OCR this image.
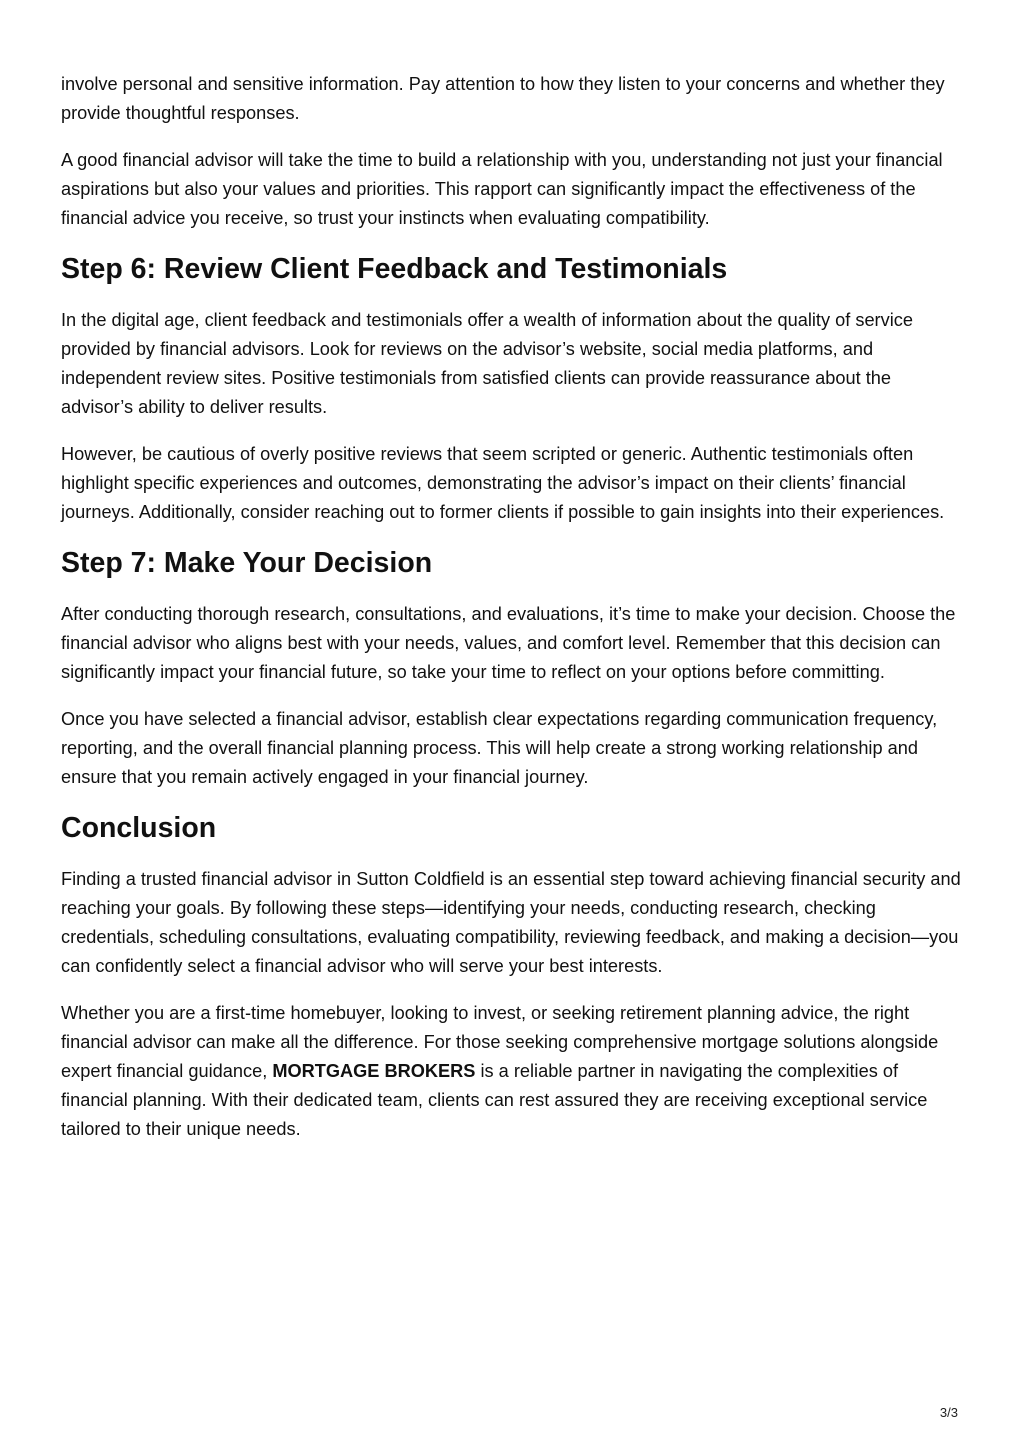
involve personal and sensitive information. Pay attention to how they listen to your concerns and whether they provide thoughtful responses.

A good financial advisor will take the time to build a relationship with you, understanding not just your financial aspirations but also your values and priorities. This rapport can significantly impact the effectiveness of the financial advice you receive, so trust your instincts when evaluating compatibility.

Step 6: Review Client Feedback and Testimonials

In the digital age, client feedback and testimonials offer a wealth of information about the quality of service provided by financial advisors. Look for reviews on the advisor’s website, social media platforms, and independent review sites. Positive testimonials from satisfied clients can provide reassurance about the advisor’s ability to deliver results.

However, be cautious of overly positive reviews that seem scripted or generic. Authentic testimonials often highlight specific experiences and outcomes, demonstrating the advisor’s impact on their clients’ financial journeys. Additionally, consider reaching out to former clients if possible to gain insights into their experiences.

Step 7: Make Your Decision

After conducting thorough research, consultations, and evaluations, it’s time to make your decision. Choose the financial advisor who aligns best with your needs, values, and comfort level. Remember that this decision can significantly impact your financial future, so take your time to reflect on your options before committing.

Once you have selected a financial advisor, establish clear expectations regarding communication frequency, reporting, and the overall financial planning process. This will help create a strong working relationship and ensure that you remain actively engaged in your financial journey.

Conclusion

Finding a trusted financial advisor in Sutton Coldfield is an essential step toward achieving financial security and reaching your goals. By following these steps—identifying your needs, conducting research, checking credentials, scheduling consultations, evaluating compatibility, reviewing feedback, and making a decision—you can confidently select a financial advisor who will serve your best interests.

Whether you are a first-time homebuyer, looking to invest, or seeking retirement planning advice, the right financial advisor can make all the difference. For those seeking comprehensive mortgage solutions alongside expert financial guidance, MORTGAGE BROKERS is a reliable partner in navigating the complexities of financial planning. With their dedicated team, clients can rest assured they are receiving exceptional service tailored to their unique needs.

3/3
